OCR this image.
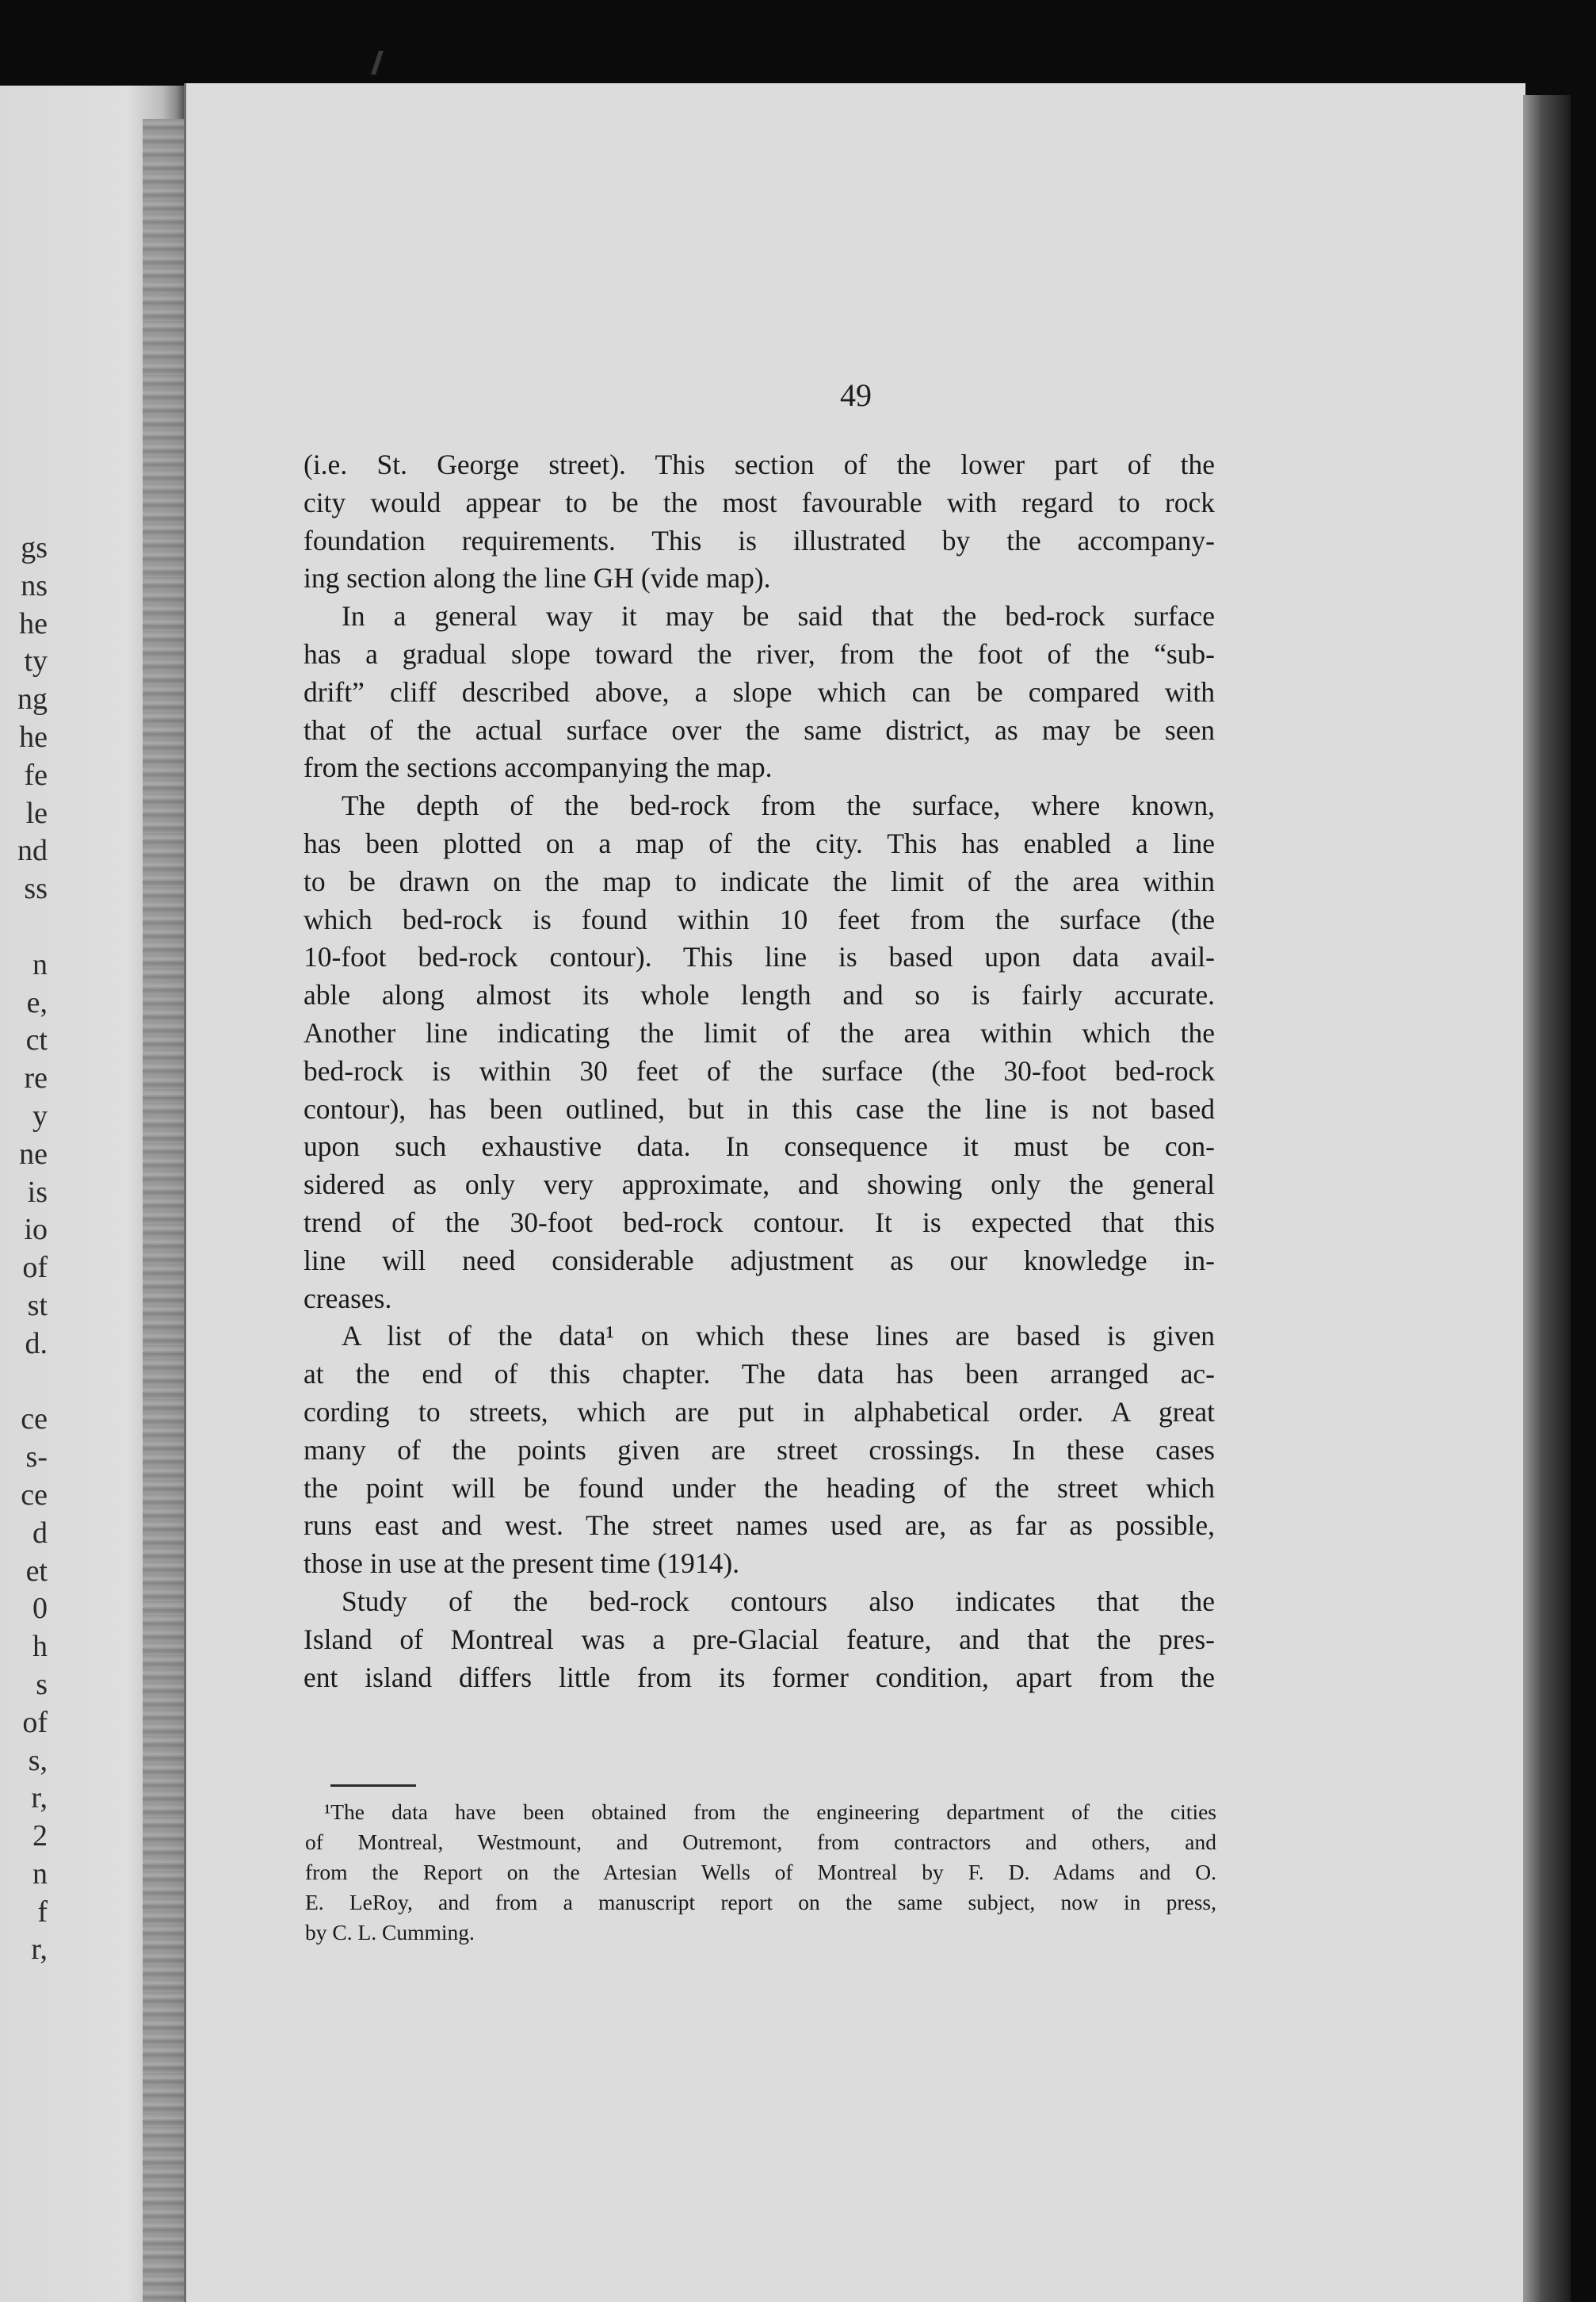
gs
ns
he
ty
ng
he
fe
le
nd
ss
n
e,
ct
re
y
ne
is
io
of
st
d.
ce
s-
ce
d
et
0
h
s
of
s,
r,
2
n
f
r,
49
(i.e. St. George street). This section of the lower part of the
city would appear to be the most favourable with regard to rock
foundation requirements. This is illustrated by the accompany-
ing section along the line GH (vide map).
In a general way it may be said that the bed-rock surface
has a gradual slope toward the river, from the foot of the “sub-
drift” cliff described above, a slope which can be compared with
that of the actual surface over the same district, as may be seen
from the sections accompanying the map.
The depth of the bed-rock from the surface, where known,
has been plotted on a map of the city. This has enabled a line
to be drawn on the map to indicate the limit of the area within
which bed-rock is found within 10 feet from the surface (the
10-foot bed-rock contour). This line is based upon data avail-
able along almost its whole length and so is fairly accurate.
Another line indicating the limit of the area within which the
bed-rock is within 30 feet of the surface (the 30-foot bed-rock
contour), has been outlined, but in this case the line is not based
upon such exhaustive data. In consequence it must be con-
sidered as only very approximate, and showing only the general
trend of the 30-foot bed-rock contour. It is expected that this
line will need considerable adjustment as our knowledge in-
creases.
A list of the data¹ on which these lines are based is given
at the end of this chapter. The data has been arranged ac-
cording to streets, which are put in alphabetical order. A great
many of the points given are street crossings. In these cases
the point will be found under the heading of the street which
runs east and west. The street names used are, as far as possible,
those in use at the present time (1914).
Study of the bed-rock contours also indicates that the
Island of Montreal was a pre-Glacial feature, and that the pres-
ent island differs little from its former condition, apart from the
¹The data have been obtained from the engineering department of the cities
of Montreal, Westmount, and Outremont, from contractors and others, and
from the Report on the Artesian Wells of Montreal by F. D. Adams and O.
E. LeRoy, and from a manuscript report on the same subject, now in press,
by C. L. Cumming.
